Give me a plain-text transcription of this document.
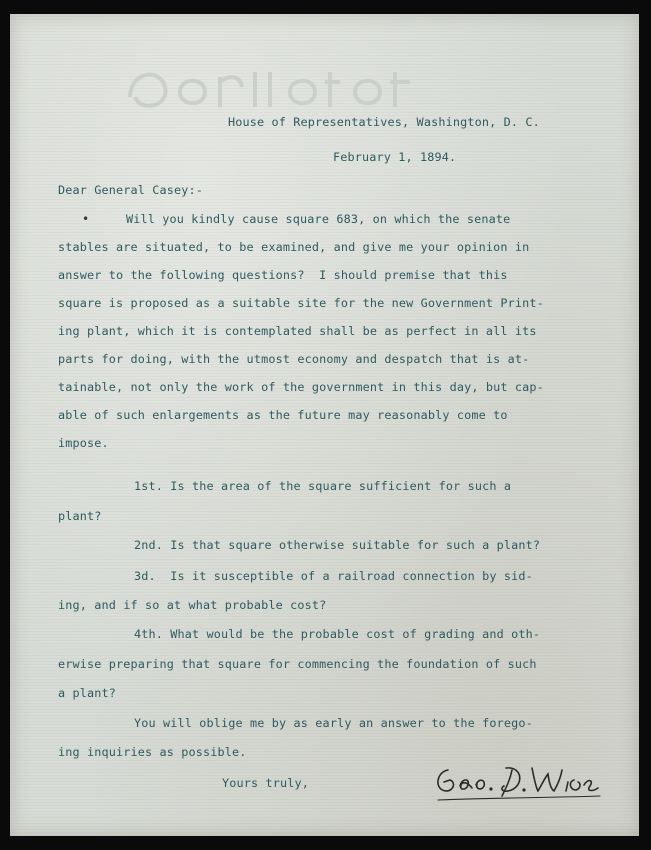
House of Representatives, Washington, D. C.
February 1, 1894.
Dear General Casey:-
•	Will you kindly cause square 683, on which the senate
stables are situated, to be examined, and give me your opinion in
answer to the following questions?  I should premise that this
square is proposed as a suitable site for the new Government Print-
ing plant, which it is contemplated shall be as perfect in all its
parts for doing, with the utmost economy and despatch that is at-
tainable, not only the work of the government in this day, but cap-
able of such enlargements as the future may reasonably come to
impose.
1st. Is the area of the square sufficient for such a
plant?
2nd. Is that square otherwise suitable for such a plant?
3d.  Is it susceptible of a railroad connection by sid-
ing, and if so at what probable cost?
4th. What would be the probable cost of grading and oth-
erwise preparing that square for commencing the foundation of such
a plant?
You will oblige me by as early an answer to the forego-
ing inquiries as possible.
Yours truly,
